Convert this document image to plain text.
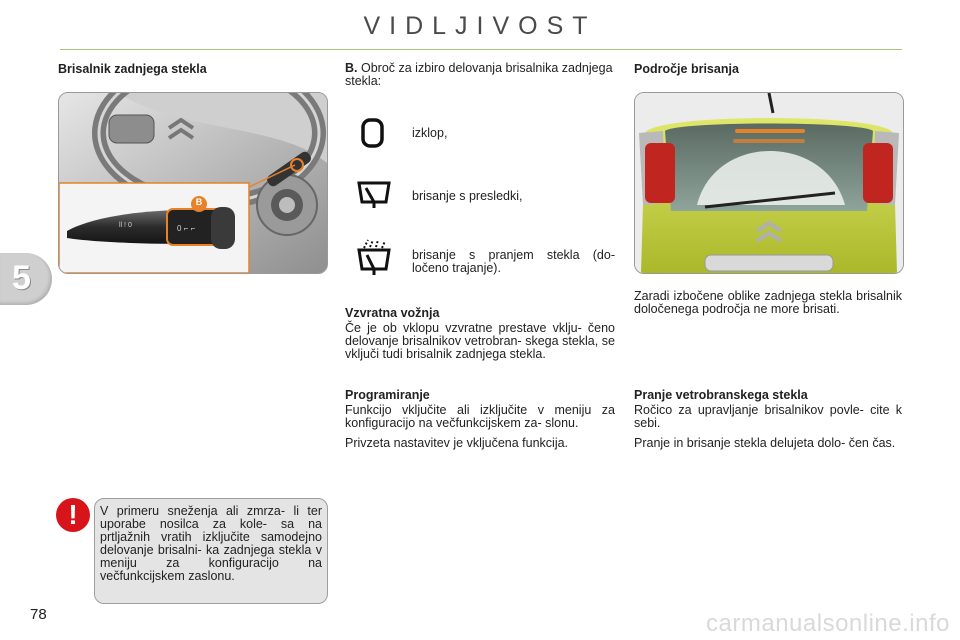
VIDLJIVOST
5
Brisalnik zadnjega stekla
ll ! 0	0 ⌐ ⌐
B
B. Obroč za izbiro delovanja brisalnika zadnjega stekla:
izklop,
brisanje s presledki,
brisanje s pranjem stekla (do- ločeno trajanje).
Vzvratna vožnja

Če je ob vklopu vzvratne prestave vklju- čeno delovanje brisalnikov vetrobran- skega stekla, se vključi tudi brisalnik zadnjega stekla.

Programiranje

Funkcijo vključite ali izključite v meniju za konfiguracijo na večfunkcijskem za- slonu.

Privzeta nastavitev je vključena funkcija.

Področje brisanja

Zaradi izbočene oblike zadnjega stekla brisalnik določenega področja ne more brisati.

Pranje vetrobranskega stekla

Ročico za upravljanje brisalnikov povle- cite k sebi.

Pranje in brisanje stekla delujeta dolo- čen čas.

!	V primeru sneženja ali zmrza- li ter uporabe nosilca za kole- sa na prtljažnih vratih izključite samodejno delovanje brisalni- ka zadnjega stekla v meniju za konfiguracijo na večfunkcijskem zaslonu.
78	carmanualsonline.info
